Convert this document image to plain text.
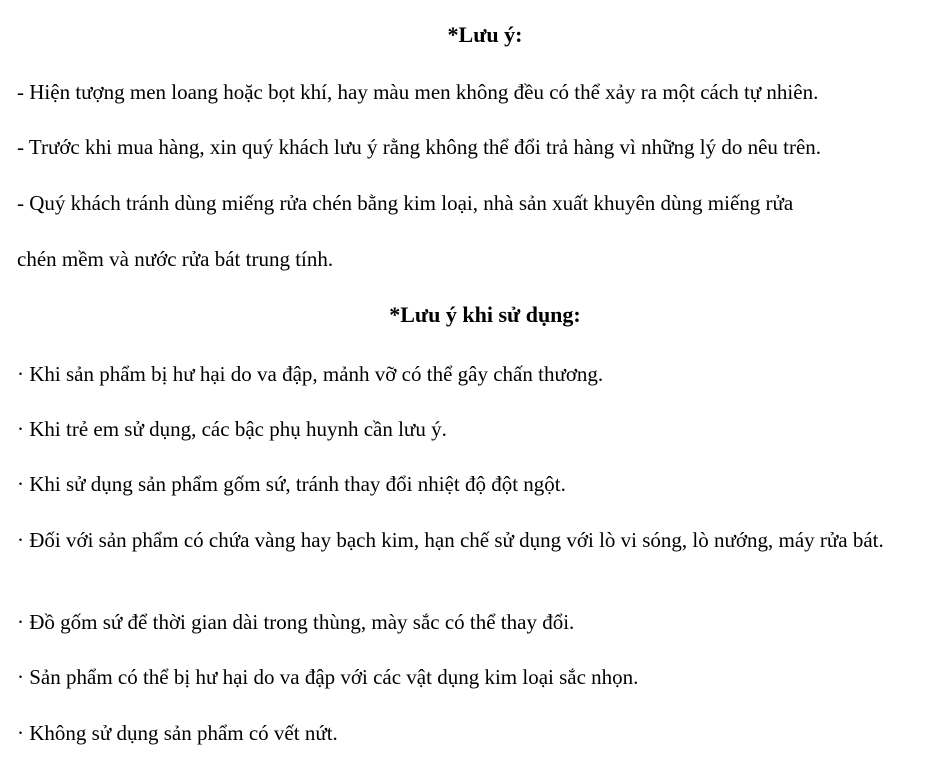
*Lưu ý:
- Hiện tượng men loang hoặc bọt khí, hay màu men không đều có thể xảy ra một cách tự nhiên.
- Trước khi mua hàng, xin quý khách lưu ý rằng không thể đổi trả hàng vì những lý do nêu trên.
- Quý khách tránh dùng miếng rửa chén bằng kim loại, nhà sản xuất khuyên dùng miếng rửa
chén mềm và nước rửa bát trung tính.
*Lưu ý khi sử dụng:
· Khi sản phẩm bị hư hại do va đập, mảnh vỡ có thể gây chấn thương.
· Khi trẻ em sử dụng, các bậc phụ huynh cần lưu ý.
· Khi sử dụng sản phẩm gốm sứ, tránh thay đổi nhiệt độ đột ngột.
· Đối với sản phẩm có chứa vàng hay bạch kim, hạn chế sử dụng với lò vi sóng, lò nướng, máy rửa bát.
· Đồ gốm sứ để thời gian dài trong thùng, mày sắc có thể thay đổi.
· Sản phẩm có thể bị hư hại do va đập với các vật dụng kim loại sắc nhọn.
· Không sử dụng sản phẩm có vết nứt.
